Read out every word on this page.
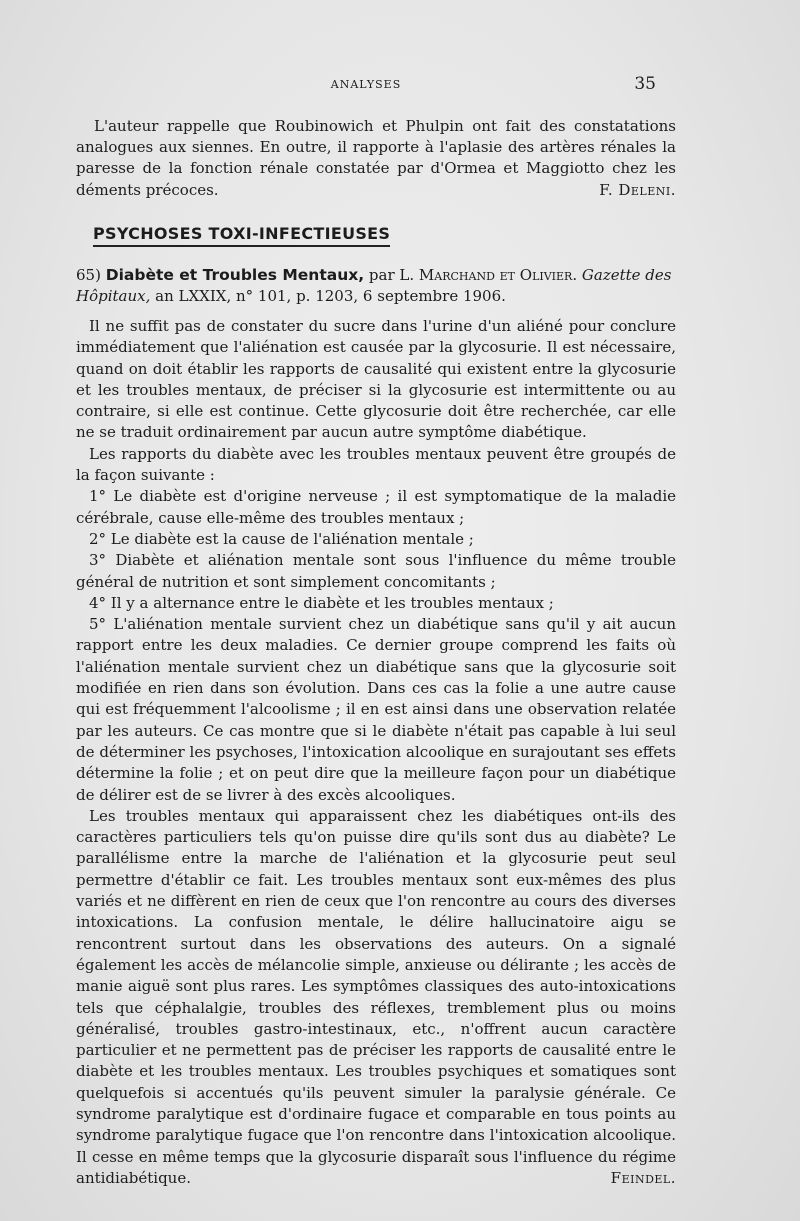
ANALYSES	35

L'auteur rappelle que Roubinowich et Phulpin ont fait des constatations analogues aux siennes. En outre, il rapporte à l'aplasie des artères rénales la paresse de la fonction rénale constatée par d'Ormea et Maggiotto chez les déments précoces.	F. Deleni.

PSYCHOSES TOXI-INFECTIEUSES
65) Diabète et Troubles Mentaux, par L. Marchand et Olivier. Gazette des Hôpitaux, an LXXIX, n° 101, p. 1203, 6 septembre 1906.

Il ne suffit pas de constater du sucre dans l'urine d'un aliéné pour conclure immédiatement que l'aliénation est causée par la glycosurie. Il est nécessaire, quand on doit établir les rapports de causalité qui existent entre la glycosurie et les troubles mentaux, de préciser si la glycosurie est intermittente ou au contraire, si elle est continue. Cette glycosurie doit être recherchée, car elle ne se traduit ordinairement par aucun autre symptôme diabétique.

Les rapports du diabète avec les troubles mentaux peuvent être groupés de la façon suivante :

1° Le diabète est d'origine nerveuse ; il est symptomatique de la maladie cérébrale, cause elle-même des troubles mentaux ;

2° Le diabète est la cause de l'aliénation mentale ;

3° Diabète et aliénation mentale sont sous l'influence du même trouble général de nutrition et sont simplement concomitants ;

4° Il y a alternance entre le diabète et les troubles mentaux ;

5° L'aliénation mentale survient chez un diabétique sans qu'il y ait aucun rapport entre les deux maladies. Ce dernier groupe comprend les faits où l'aliénation mentale survient chez un diabétique sans que la glycosurie soit modifiée en rien dans son évolution. Dans ces cas la folie a une autre cause qui est fréquemment l'alcoolisme ; il en est ainsi dans une observation relatée par les auteurs. Ce cas montre que si le diabète n'était pas capable à lui seul de déterminer les psychoses, l'intoxication alcoolique en surajoutant ses effets détermine la folie ; et on peut dire que la meilleure façon pour un diabétique de délirer est de se livrer à des excès alcooliques.

Les troubles mentaux qui apparaissent chez les diabétiques ont-ils des caractères particuliers tels qu'on puisse dire qu'ils sont dus au diabète? Le parallélisme entre la marche de l'aliénation et la glycosurie peut seul permettre d'établir ce fait. Les troubles mentaux sont eux-mêmes des plus variés et ne diffèrent en rien de ceux que l'on rencontre au cours des diverses intoxications. La confusion mentale, le délire hallucinatoire aigu se rencontrent surtout dans les observations des auteurs. On a signalé également les accès de mélancolie simple, anxieuse ou délirante ; les accès de manie aiguë sont plus rares. Les symptômes classiques des auto-intoxications tels que céphalalgie, troubles des réflexes, tremblement plus ou moins généralisé, troubles gastro-intestinaux, etc., n'offrent aucun caractère particulier et ne permettent pas de préciser les rapports de causalité entre le diabète et les troubles mentaux. Les troubles psychiques et somatiques sont quelquefois si accentués qu'ils peuvent simuler la paralysie générale. Ce syndrome paralytique est d'ordinaire fugace et comparable en tous points au syndrome paralytique fugace que l'on rencontre dans l'intoxication alcoolique. Il cesse en même temps que la glycosurie disparaît sous l'influence du régime antidiabétique.	Feindel.
